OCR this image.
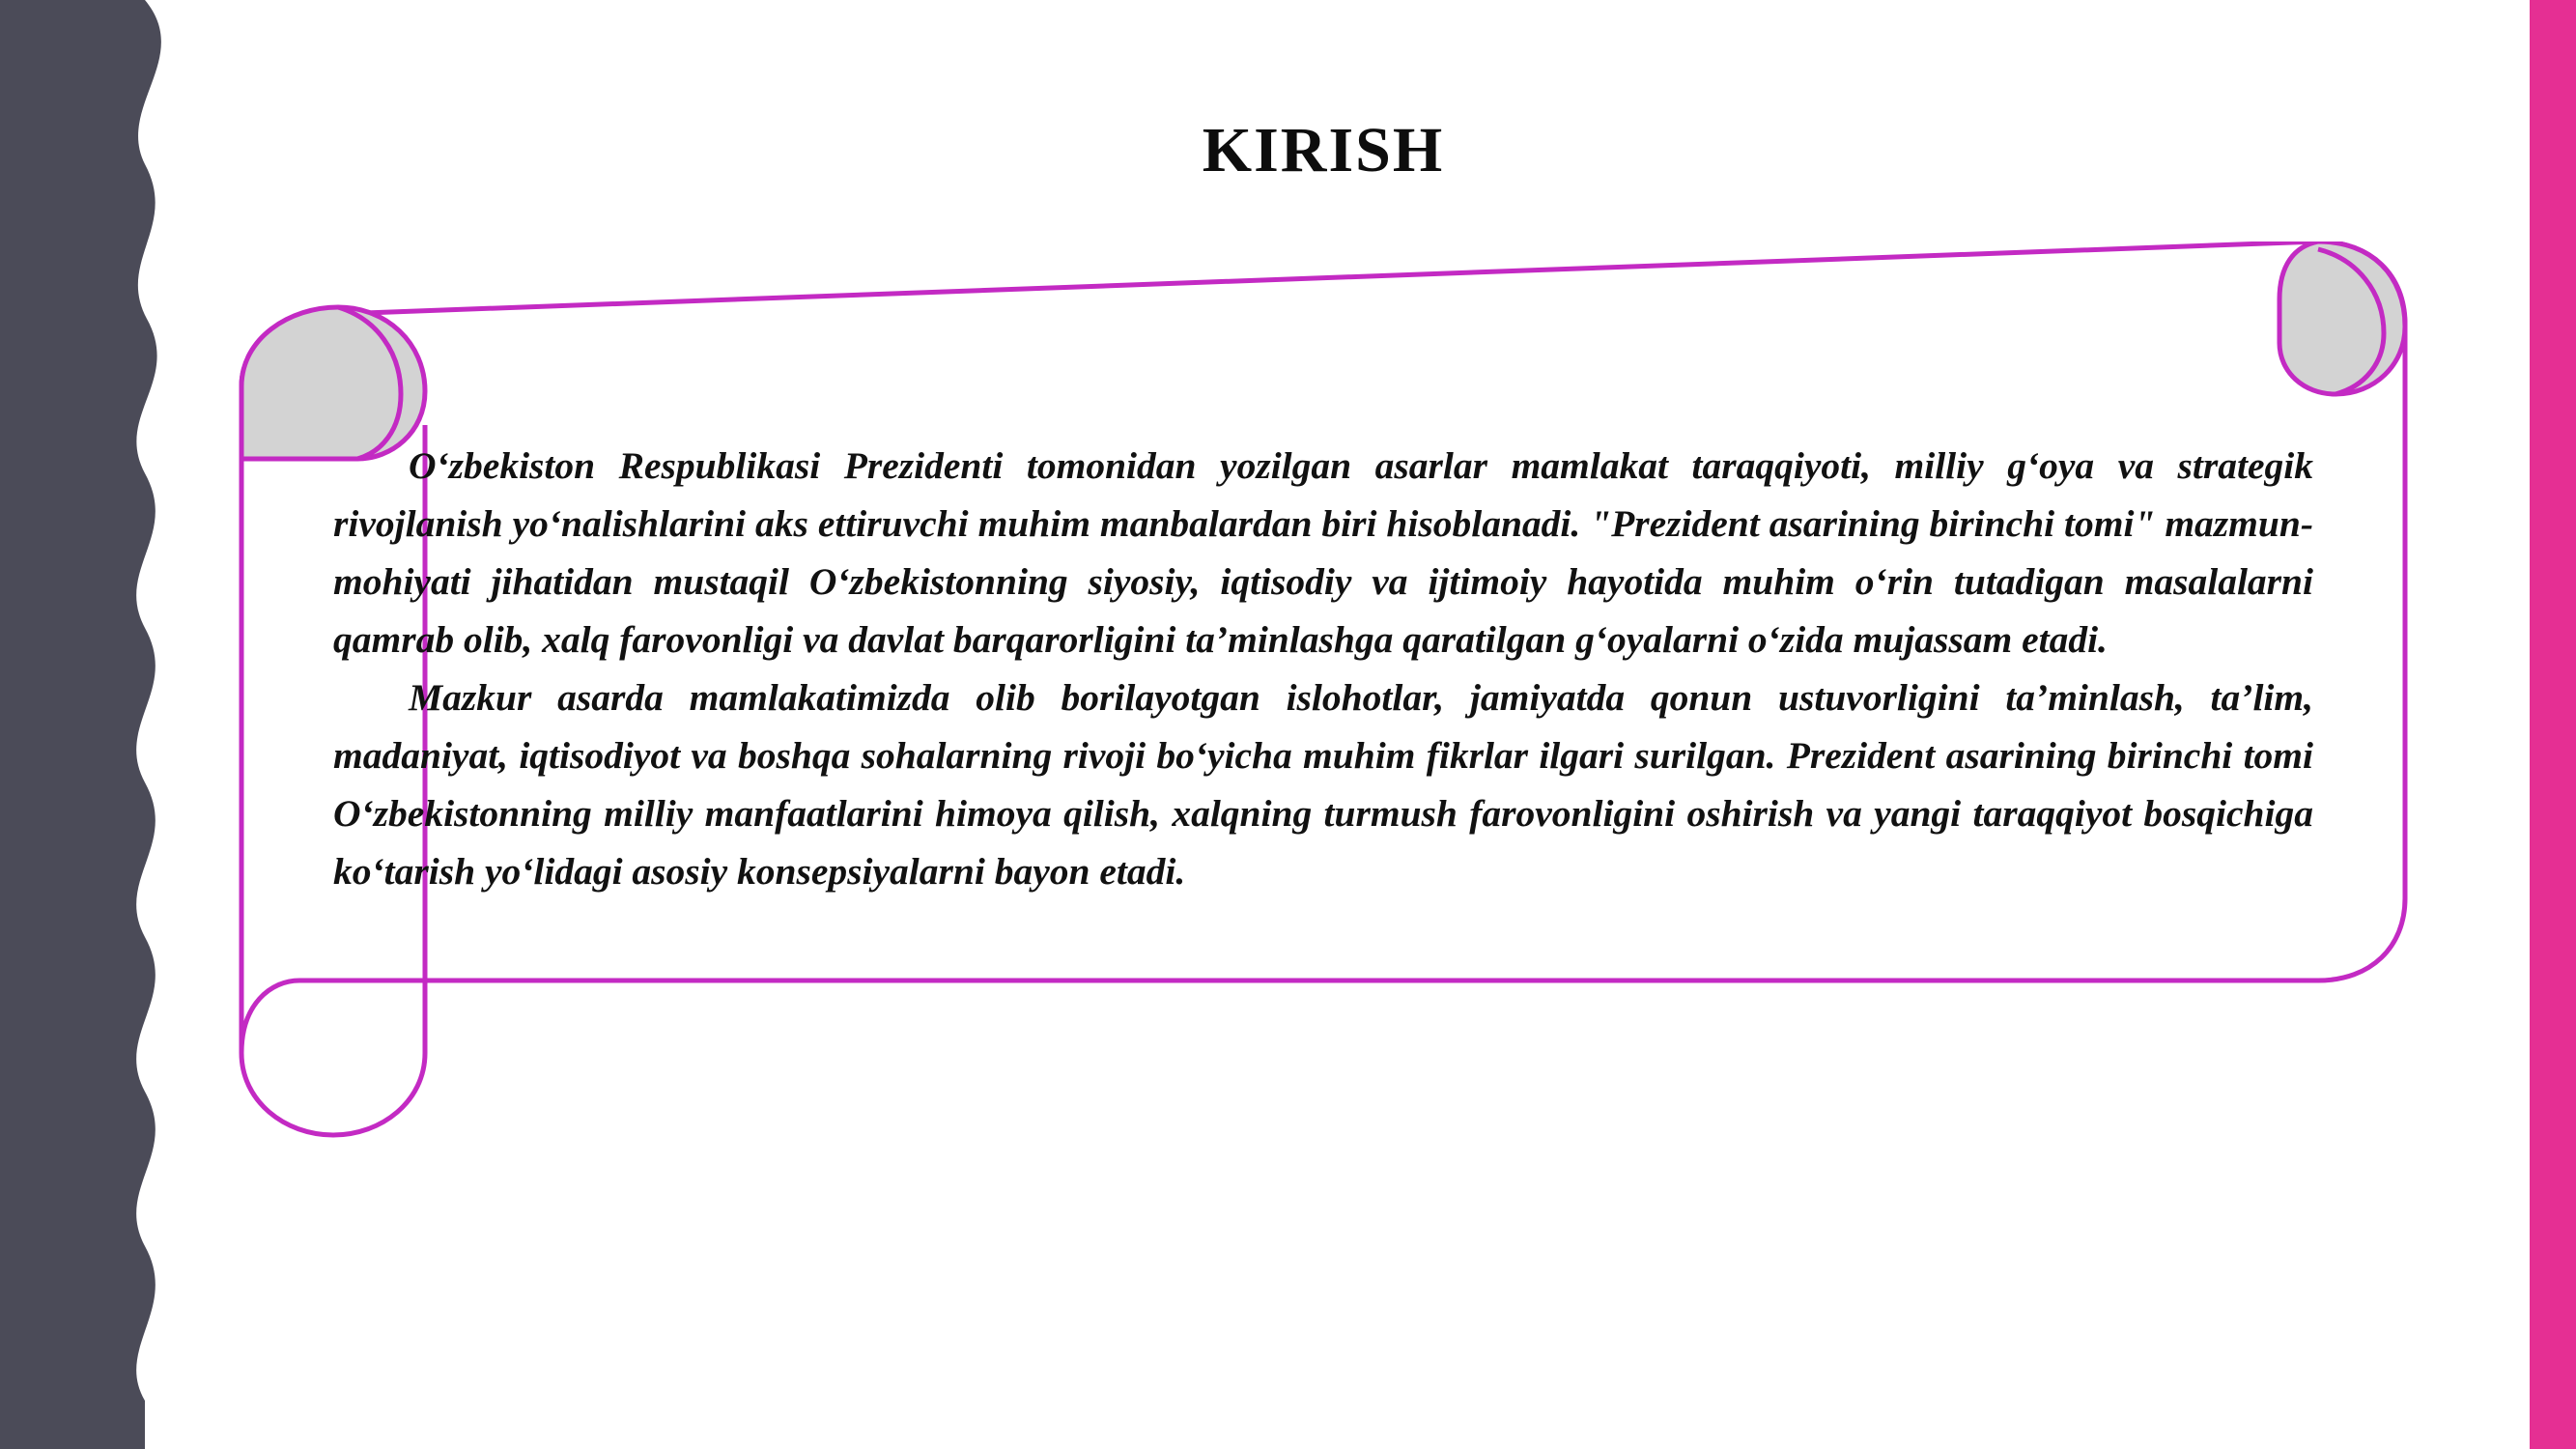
KIRISH

O‘zbekiston Respublikasi Prezidenti tomonidan yozilgan asarlar mamlakat taraqqiyoti, milliy g‘oya va strategik rivojlanish yo‘nalishlarini aks ettiruvchi muhim manbalardan biri hisoblanadi. "Prezident asarining birinchi tomi" mazmun-mohiyati jihatidan mustaqil O‘zbekistonning siyosiy, iqtisodiy va ijtimoiy hayotida muhim o‘rin tutadigan masalalarni qamrab olib, xalq farovonligi va davlat barqarorligini ta’minlashga qaratilgan g‘oyalarni o‘zida mujassam etadi.

Mazkur asarda mamlakatimizda olib borilayotgan islohotlar, jamiyatda qonun ustuvorligini ta’minlash, ta’lim, madaniyat, iqtisodiyot va boshqa sohalarning rivoji bo‘yicha muhim fikrlar ilgari surilgan. Prezident asarining birinchi tomi O‘zbekistonning milliy manfaatlarini himoya qilish, xalqning turmush farovonligini oshirish va yangi taraqqiyot bosqichiga ko‘tarish yo‘lidagi asosiy konsepsiyalarni bayon etadi.
